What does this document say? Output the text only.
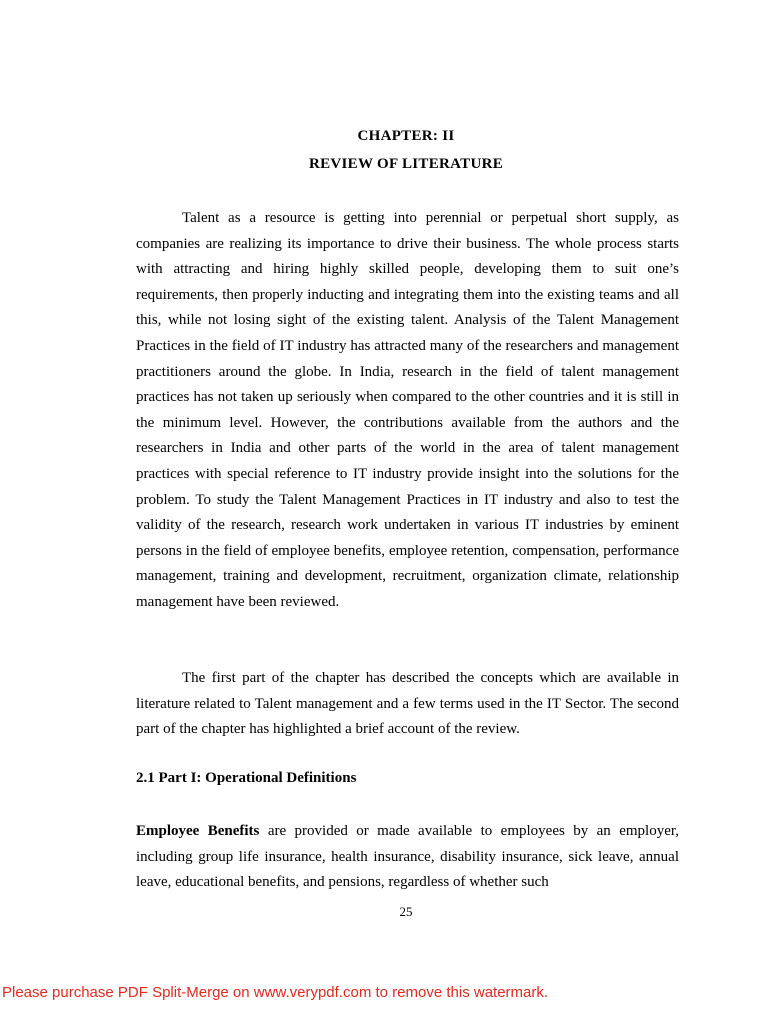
CHAPTER: II
REVIEW OF LITERATURE

Talent as a resource is getting into perennial or perpetual short supply, as companies are realizing its importance to drive their business. The whole process starts with attracting and hiring highly skilled people, developing them to suit one’s requirements, then properly inducting and integrating them into the existing teams and all this, while not losing sight of the existing talent. Analysis of the Talent Management Practices in the field of IT industry has attracted many of the researchers and management practitioners around the globe. In India, research in the field of talent management practices has not taken up seriously when compared to the other countries and it is still in the minimum level. However, the contributions available from the authors and the researchers in India and other parts of the world in the area of talent management practices with special reference to IT industry provide insight into the solutions for the problem. To study the Talent Management Practices in IT industry and also to test the validity of the research, research work undertaken in various IT industries by eminent persons in the field of employee benefits, employee retention, compensation, performance management, training and development, recruitment, organization climate, relationship management have been reviewed.

The first part of the chapter has described the concepts which are available in literature related to Talent management and a few terms used in the IT Sector. The second part of the chapter has highlighted a brief account of the review.

2.1 Part I: Operational Definitions

Employee Benefits are provided or made available to employees by an employer, including group life insurance, health insurance, disability insurance, sick leave, annual leave, educational benefits, and pensions, regardless of whether such

25
Please purchase PDF Split-Merge on www.verypdf.com to remove this watermark.
